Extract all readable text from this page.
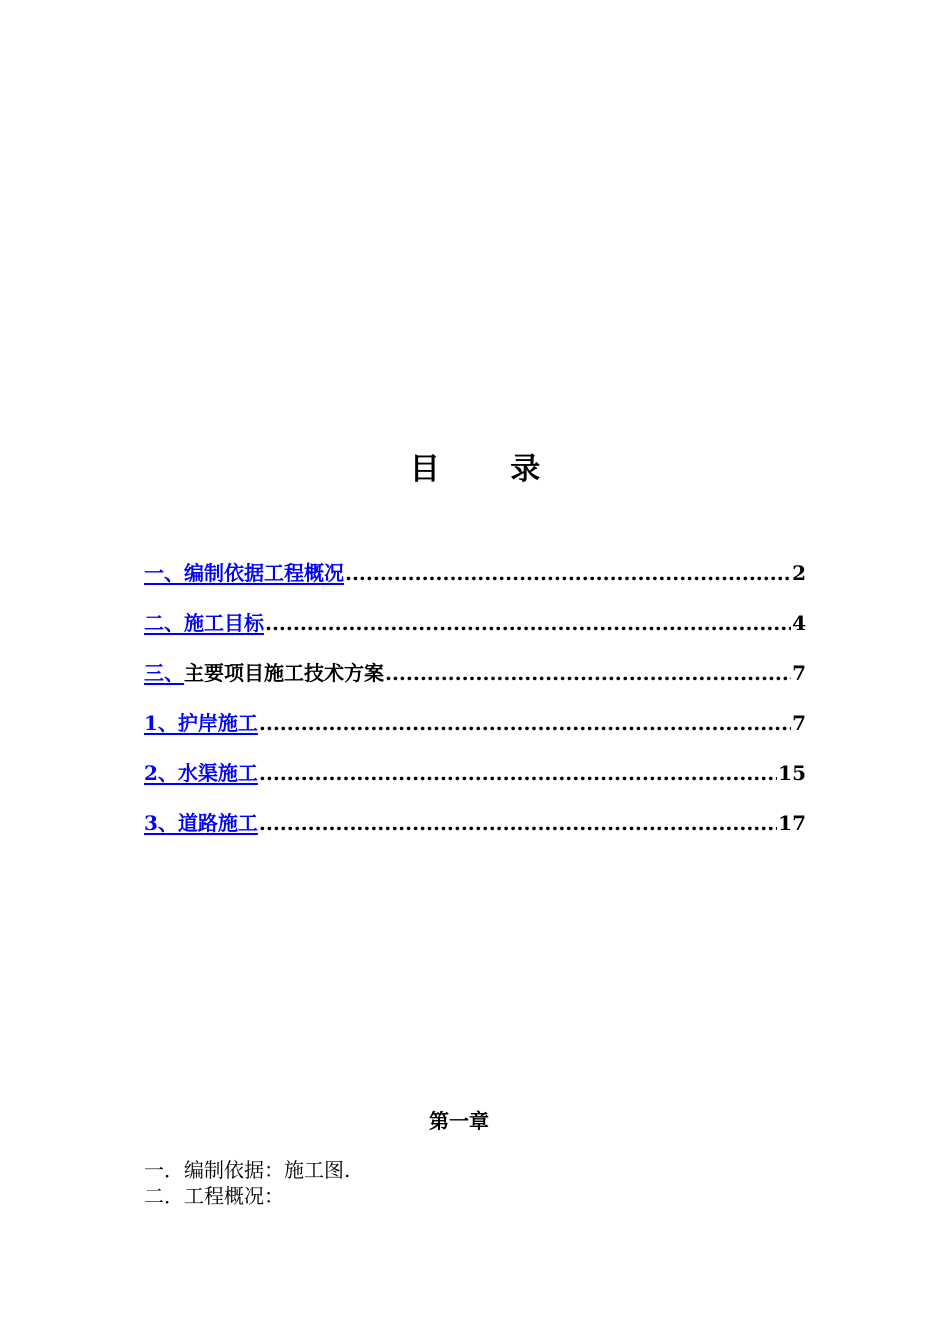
目 录
一、编制依据工程概况 .....	2
二、施工目标 .....	4
三、 主要项目施工技术方案 .....	7
1、护岸施工 .....	7
2、水渠施工 .....	15
3、道路施工 .....	17
第一章
一．编制依据：施工图.
二．工程概况：
